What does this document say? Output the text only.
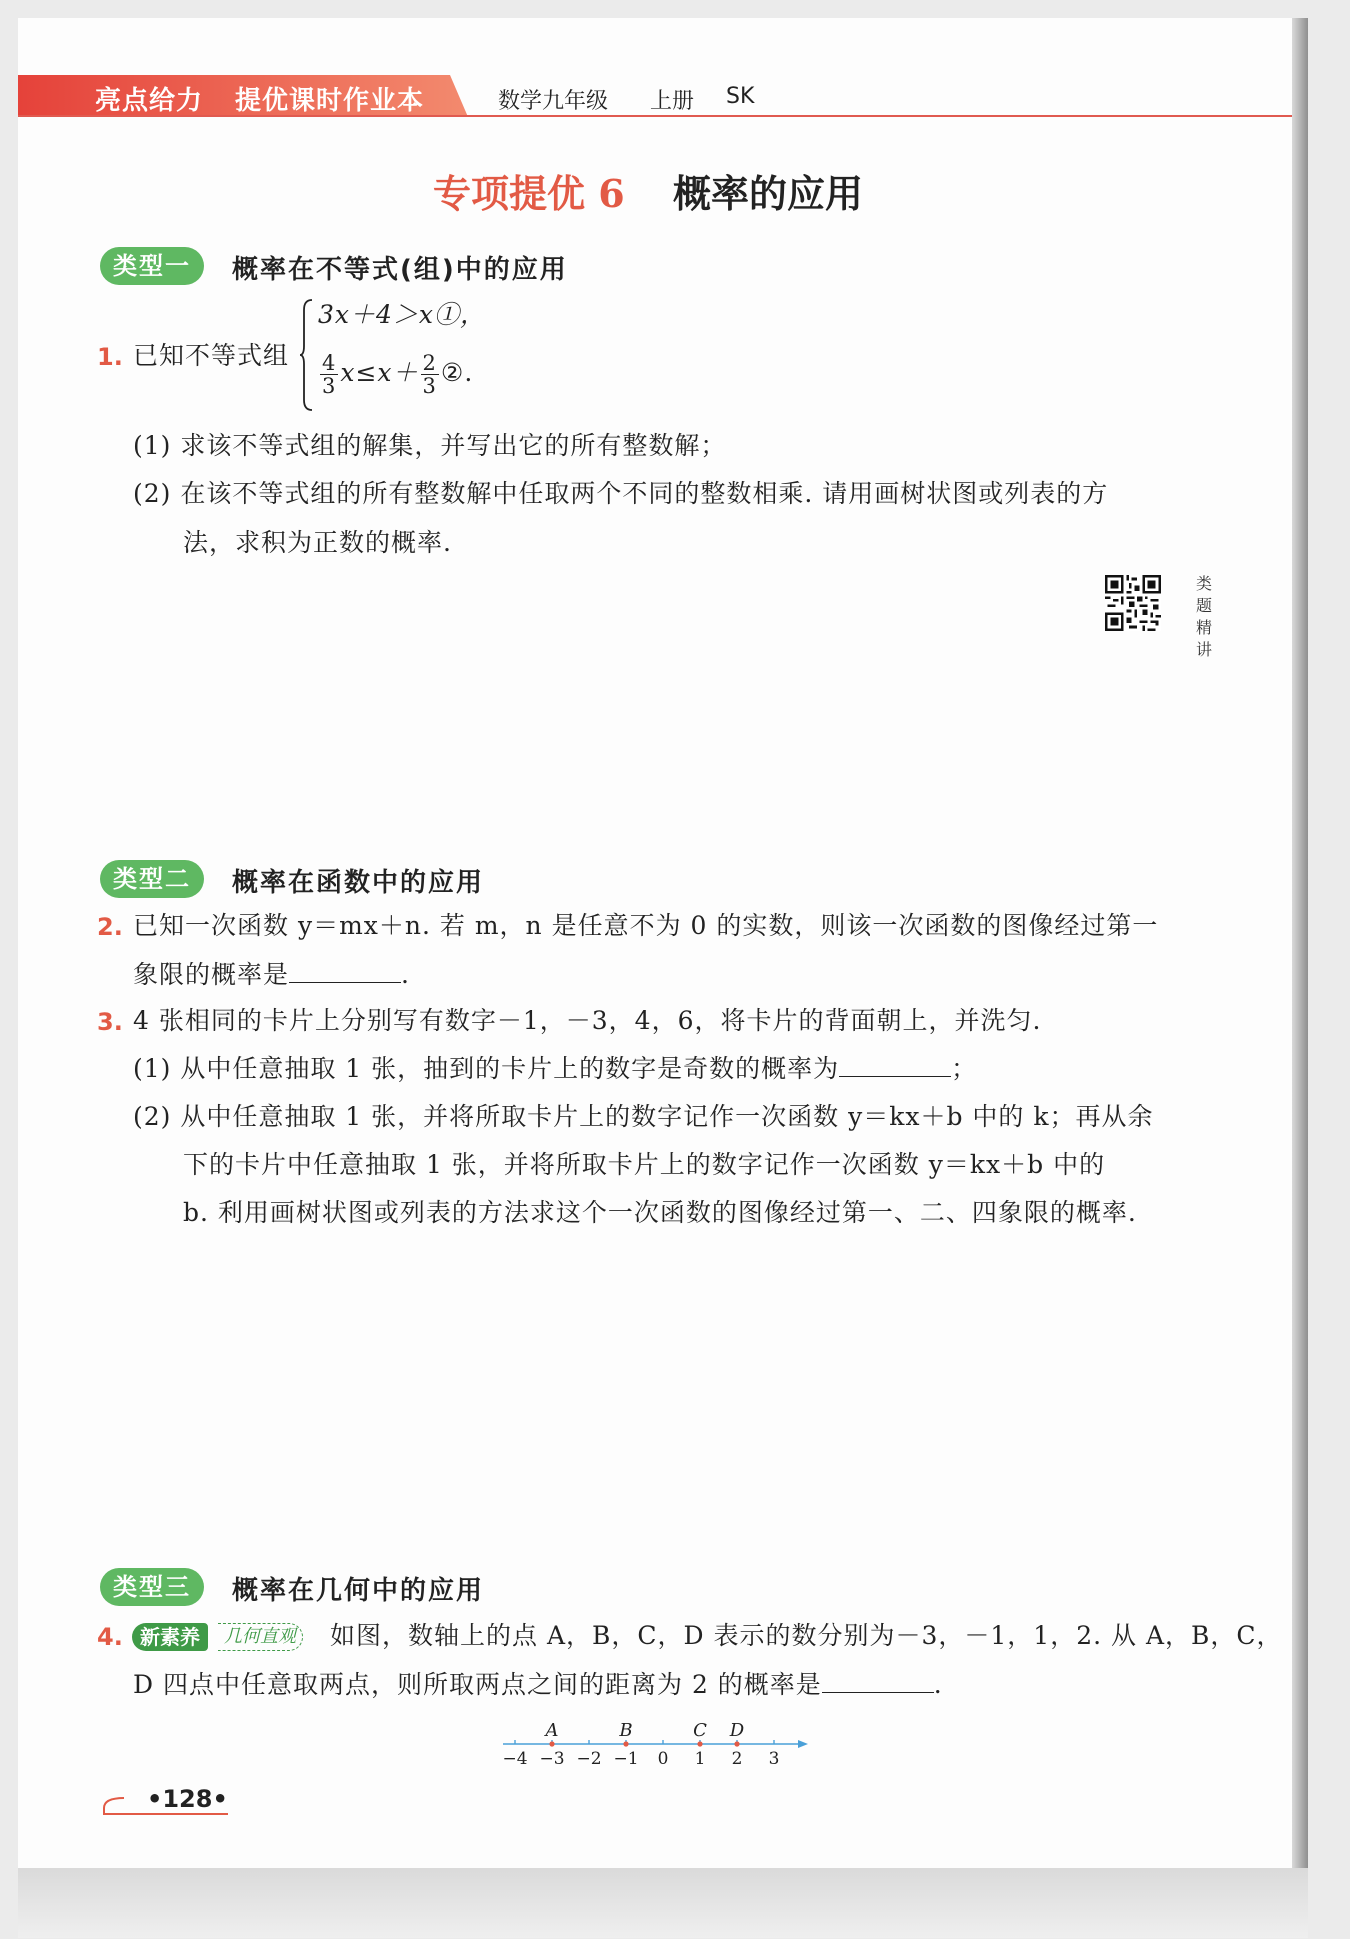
亮点给力 提优课时作业本	数学九年级 上册 SK
专项提优 6 概率的应用
类型一	概率在不等式(组)中的应用
1. 已知不等式组
3x＋4＞x①，
$\frac{4}{3} x\le x+ \frac{2}{3}$ ②.
(1) 求该不等式组的解集，并写出它的所有整数解；
(2) 在该不等式组的所有整数解中任取两个不同的整数相乘. 请用画树状图或列表的方
法，求积为正数的概率.
类题精讲
类型二	概率在函数中的应用
2. 已知一次函数 y＝mx＋n. 若 m，n 是任意不为 0 的实数，则该一次函数的图像经过第一
象限的概率是	.
3. 4 张相同的卡片上分别写有数字－1，－3，4，6，将卡片的背面朝上，并洗匀.
(1) 从中任意抽取 1 张，抽到的卡片上的数字是奇数的概率为	；
(2) 从中任意抽取 1 张，并将所取卡片上的数字记作一次函数 y＝kx＋b 中的 k；再从余
下的卡片中任意抽取 1 张，并将所取卡片上的数字记作一次函数 y＝kx＋b 中的
b. 利用画树状图或列表的方法求这个一次函数的图像经过第一、二、四象限的概率.
类型三	概率在几何中的应用
4. 新素养	几何直观 如图，数轴上的点 A，B，C，D 表示的数分别为－3，－1，1，2. 从 A，B，C，
D 四点中任意取两点，则所取两点之间的距离为 2 的概率是	.
−4 −3 −2 −1 0 1 2 3
A	B	C D
•128•
